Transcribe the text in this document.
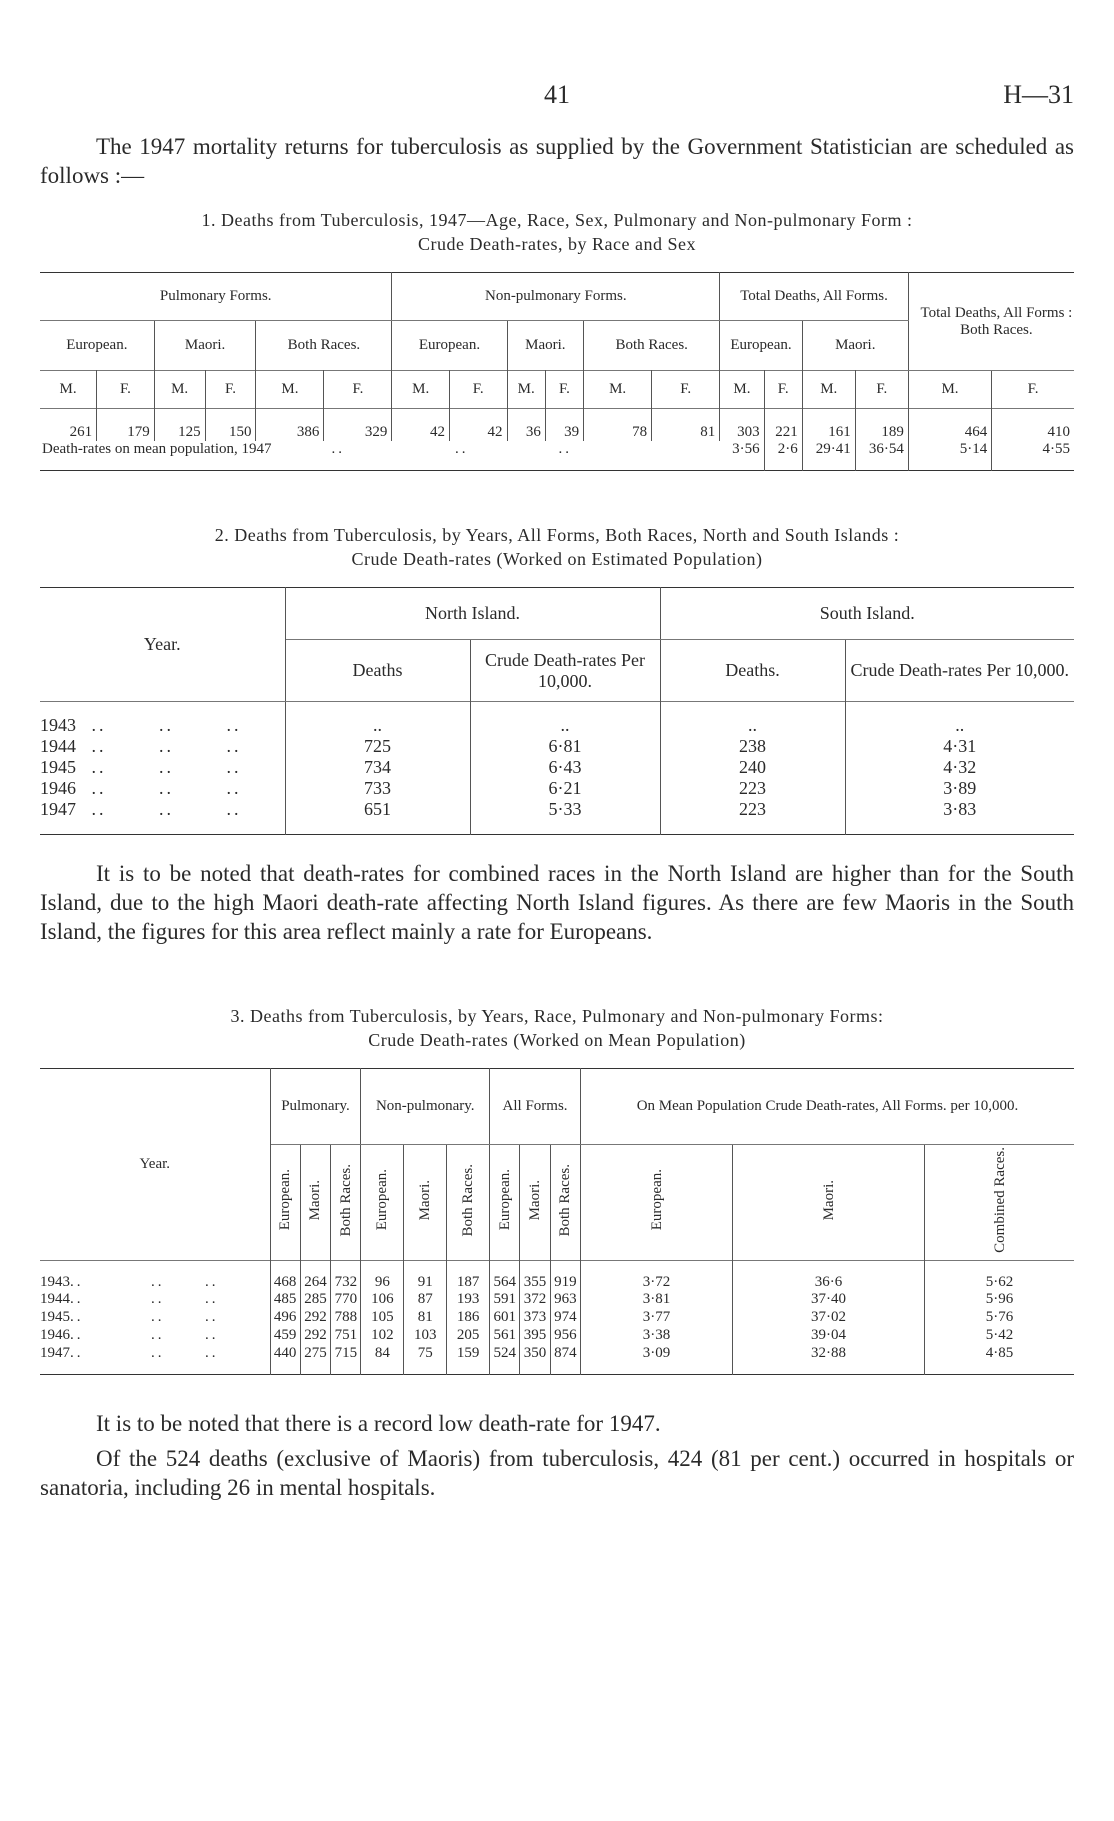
41	H—31

The 1947 mortality returns for tuberculosis as supplied by the Government Statistician are scheduled as follows :—

1. Deaths from Tuberculosis, 1947—Age, Race, Sex, Pulmonary and Non-pulmonary Form :

Crude Death-rates, by Race and Sex

Pulmonary Forms.						Non-pulmonary Forms.						Total Deaths, All Forms.				Total Deaths, All Forms : Both Races.	
European.		Maori.		Both Races.		European.		Maori.		Both Races.		European.		Maori.			
M.	F.	M.	F.	M.	F.	M.	F.	M.	F.	M.	F.	M.	F.	M.	F.	M.	F.
261	179	125	150	386	329	42	42	36	39	78	81	303	221	161	189	464	410
Death-rates on mean population, 1947 .. .. ..												3·56	2·6	29·41	36·54	5·14	4·55

2. Deaths from Tuberculosis, by Years, All Forms, Both Races, North and South Islands :

Crude Death-rates (Worked on Estimated Population)

Year.	North Island.		South Island.	
	Deaths	Crude Death-rates Per 10,000.	Deaths.	Crude Death-rates Per 10,000.
1943 ..       ..       ..	..	..	..	..
1944 ..       ..       ..	725	6·81	238	4·31
1945 ..       ..       ..	734	6·43	240	4·32
1946 ..       ..       ..	733	6·21	223	3·89
1947 ..       ..       ..	651	5·33	223	3·83

It is to be noted that death-rates for combined races in the North Island are higher than for the South Island, due to the high Maori death-rate affecting North Island figures. As there are few Maoris in the South Island, the figures for this area reflect mainly a rate for Europeans.

3. Deaths from Tuberculosis, by Years, Race, Pulmonary and Non-pulmonary Forms:

Crude Death-rates (Worked on Mean Population)

Year.	Pulmonary.			Non-pulmonary.			All Forms.			On Mean Population Crude Death-rates, All Forms. per 10,000.		
	European.	Maori.	Both Races.	European.	Maori.	Both Races.	European.	Maori.	Both Races.	European.	Maori.	Combined Races.
1943..          ..      ..	468	264	732	96	91	187	564	355	919	3·72	36·6	5·62
1944..          ..      ..	485	285	770	106	87	193	591	372	963	3·81	37·40	5·96
1945..          ..      ..	496	292	788	105	81	186	601	373	974	3·77	37·02	5·76
1946..          ..      ..	459	292	751	102	103	205	561	395	956	3·38	39·04	5·42
1947..          ..      ..	440	275	715	84	75	159	524	350	874	3·09	32·88	4·85

It is to be noted that there is a record low death-rate for 1947.

Of the 524 deaths (exclusive of Maoris) from tuberculosis, 424 (81 per cent.) occurred in hospitals or sanatoria, including 26 in mental hospitals.
